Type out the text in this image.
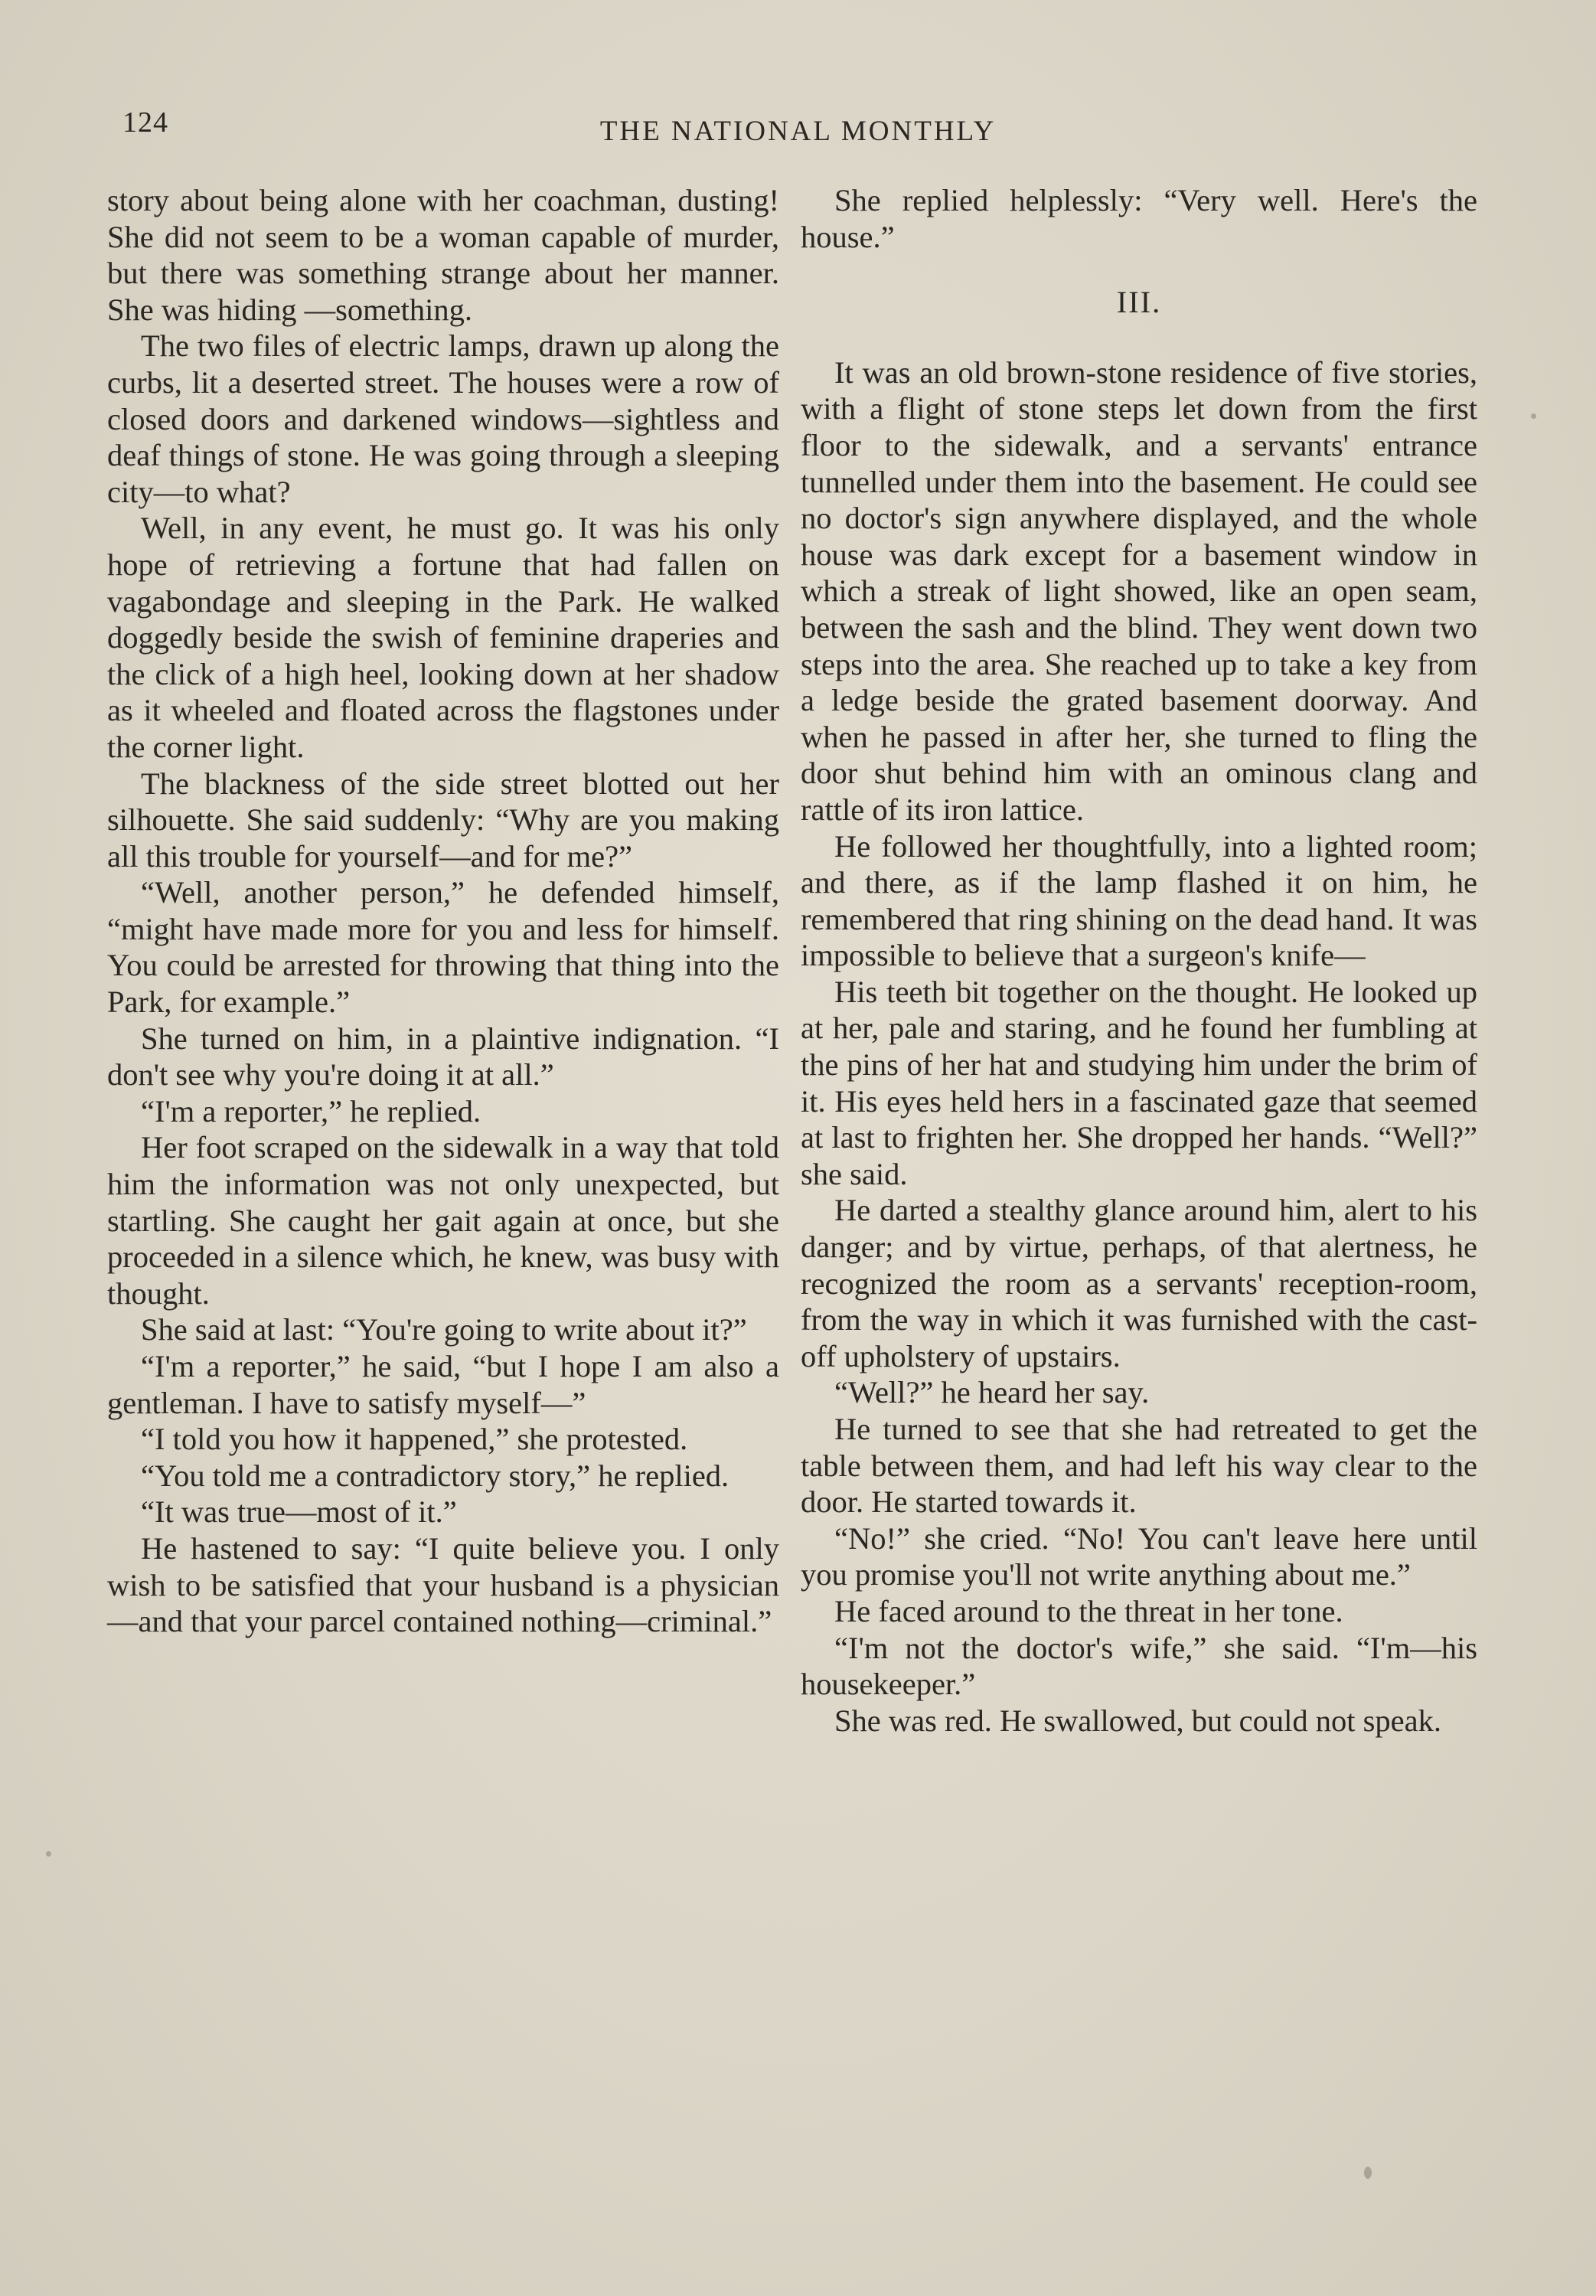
124	THE NATIONAL MONTHLY

story about being alone with her coachman, dusting! She did not seem to be a woman capable of murder, but there was something strange about her manner. She was hiding —something.

The two files of electric lamps, drawn up along the curbs, lit a deserted street. The houses were a row of closed doors and darkened windows—sightless and deaf things of stone. He was going through a sleeping city—to what?

Well, in any event, he must go. It was his only hope of retrieving a fortune that had fallen on vagabondage and sleeping in the Park. He walked doggedly beside the swish of feminine draperies and the click of a high heel, looking down at her shadow as it wheeled and floated across the flagstones under the corner light.

The blackness of the side street blotted out her silhouette. She said suddenly: “Why are you making all this trouble for yourself—and for me?”

“Well, another person,” he defended himself, “might have made more for you and less for himself. You could be arrested for throwing that thing into the Park, for example.”

She turned on him, in a plaintive indignation. “I don't see why you're doing it at all.”

“I'm a reporter,” he replied.

Her foot scraped on the sidewalk in a way that told him the information was not only unexpected, but startling. She caught her gait again at once, but she proceeded in a silence which, he knew, was busy with thought.

She said at last: “You're going to write about it?”

“I'm a reporter,” he said, “but I hope I am also a gentleman. I have to satisfy myself—”

“I told you how it happened,” she protested.

“You told me a contradictory story,” he replied.

“It was true—most of it.”

He hastened to say: “I quite believe you. I only wish to be satisfied that your husband is a physician—and that your parcel contained nothing—criminal.”

She replied helplessly: “Very well. Here's the house.”

III.

It was an old brown-stone residence of five stories, with a flight of stone steps let down from the first floor to the sidewalk, and a servants' entrance tunnelled under them into the basement. He could see no doctor's sign anywhere displayed, and the whole house was dark except for a basement window in which a streak of light showed, like an open seam, between the sash and the blind. They went down two steps into the area. She reached up to take a key from a ledge beside the grated basement doorway. And when he passed in after her, she turned to fling the door shut behind him with an ominous clang and rattle of its iron lattice.

He followed her thoughtfully, into a lighted room; and there, as if the lamp flashed it on him, he remembered that ring shining on the dead hand. It was impossible to believe that a surgeon's knife—

His teeth bit together on the thought. He looked up at her, pale and staring, and he found her fumbling at the pins of her hat and studying him under the brim of it. His eyes held hers in a fascinated gaze that seemed at last to frighten her. She dropped her hands. “Well?” she said.

He darted a stealthy glance around him, alert to his danger; and by virtue, perhaps, of that alertness, he recognized the room as a servants' reception-room, from the way in which it was furnished with the cast-off upholstery of upstairs.

“Well?” he heard her say.

He turned to see that she had retreated to get the table between them, and had left his way clear to the door. He started towards it.

“No!” she cried. “No! You can't leave here until you promise you'll not write anything about me.”

He faced around to the threat in her tone.

“I'm not the doctor's wife,” she said. “I'm—his housekeeper.”

She was red. He swallowed, but could not speak.
